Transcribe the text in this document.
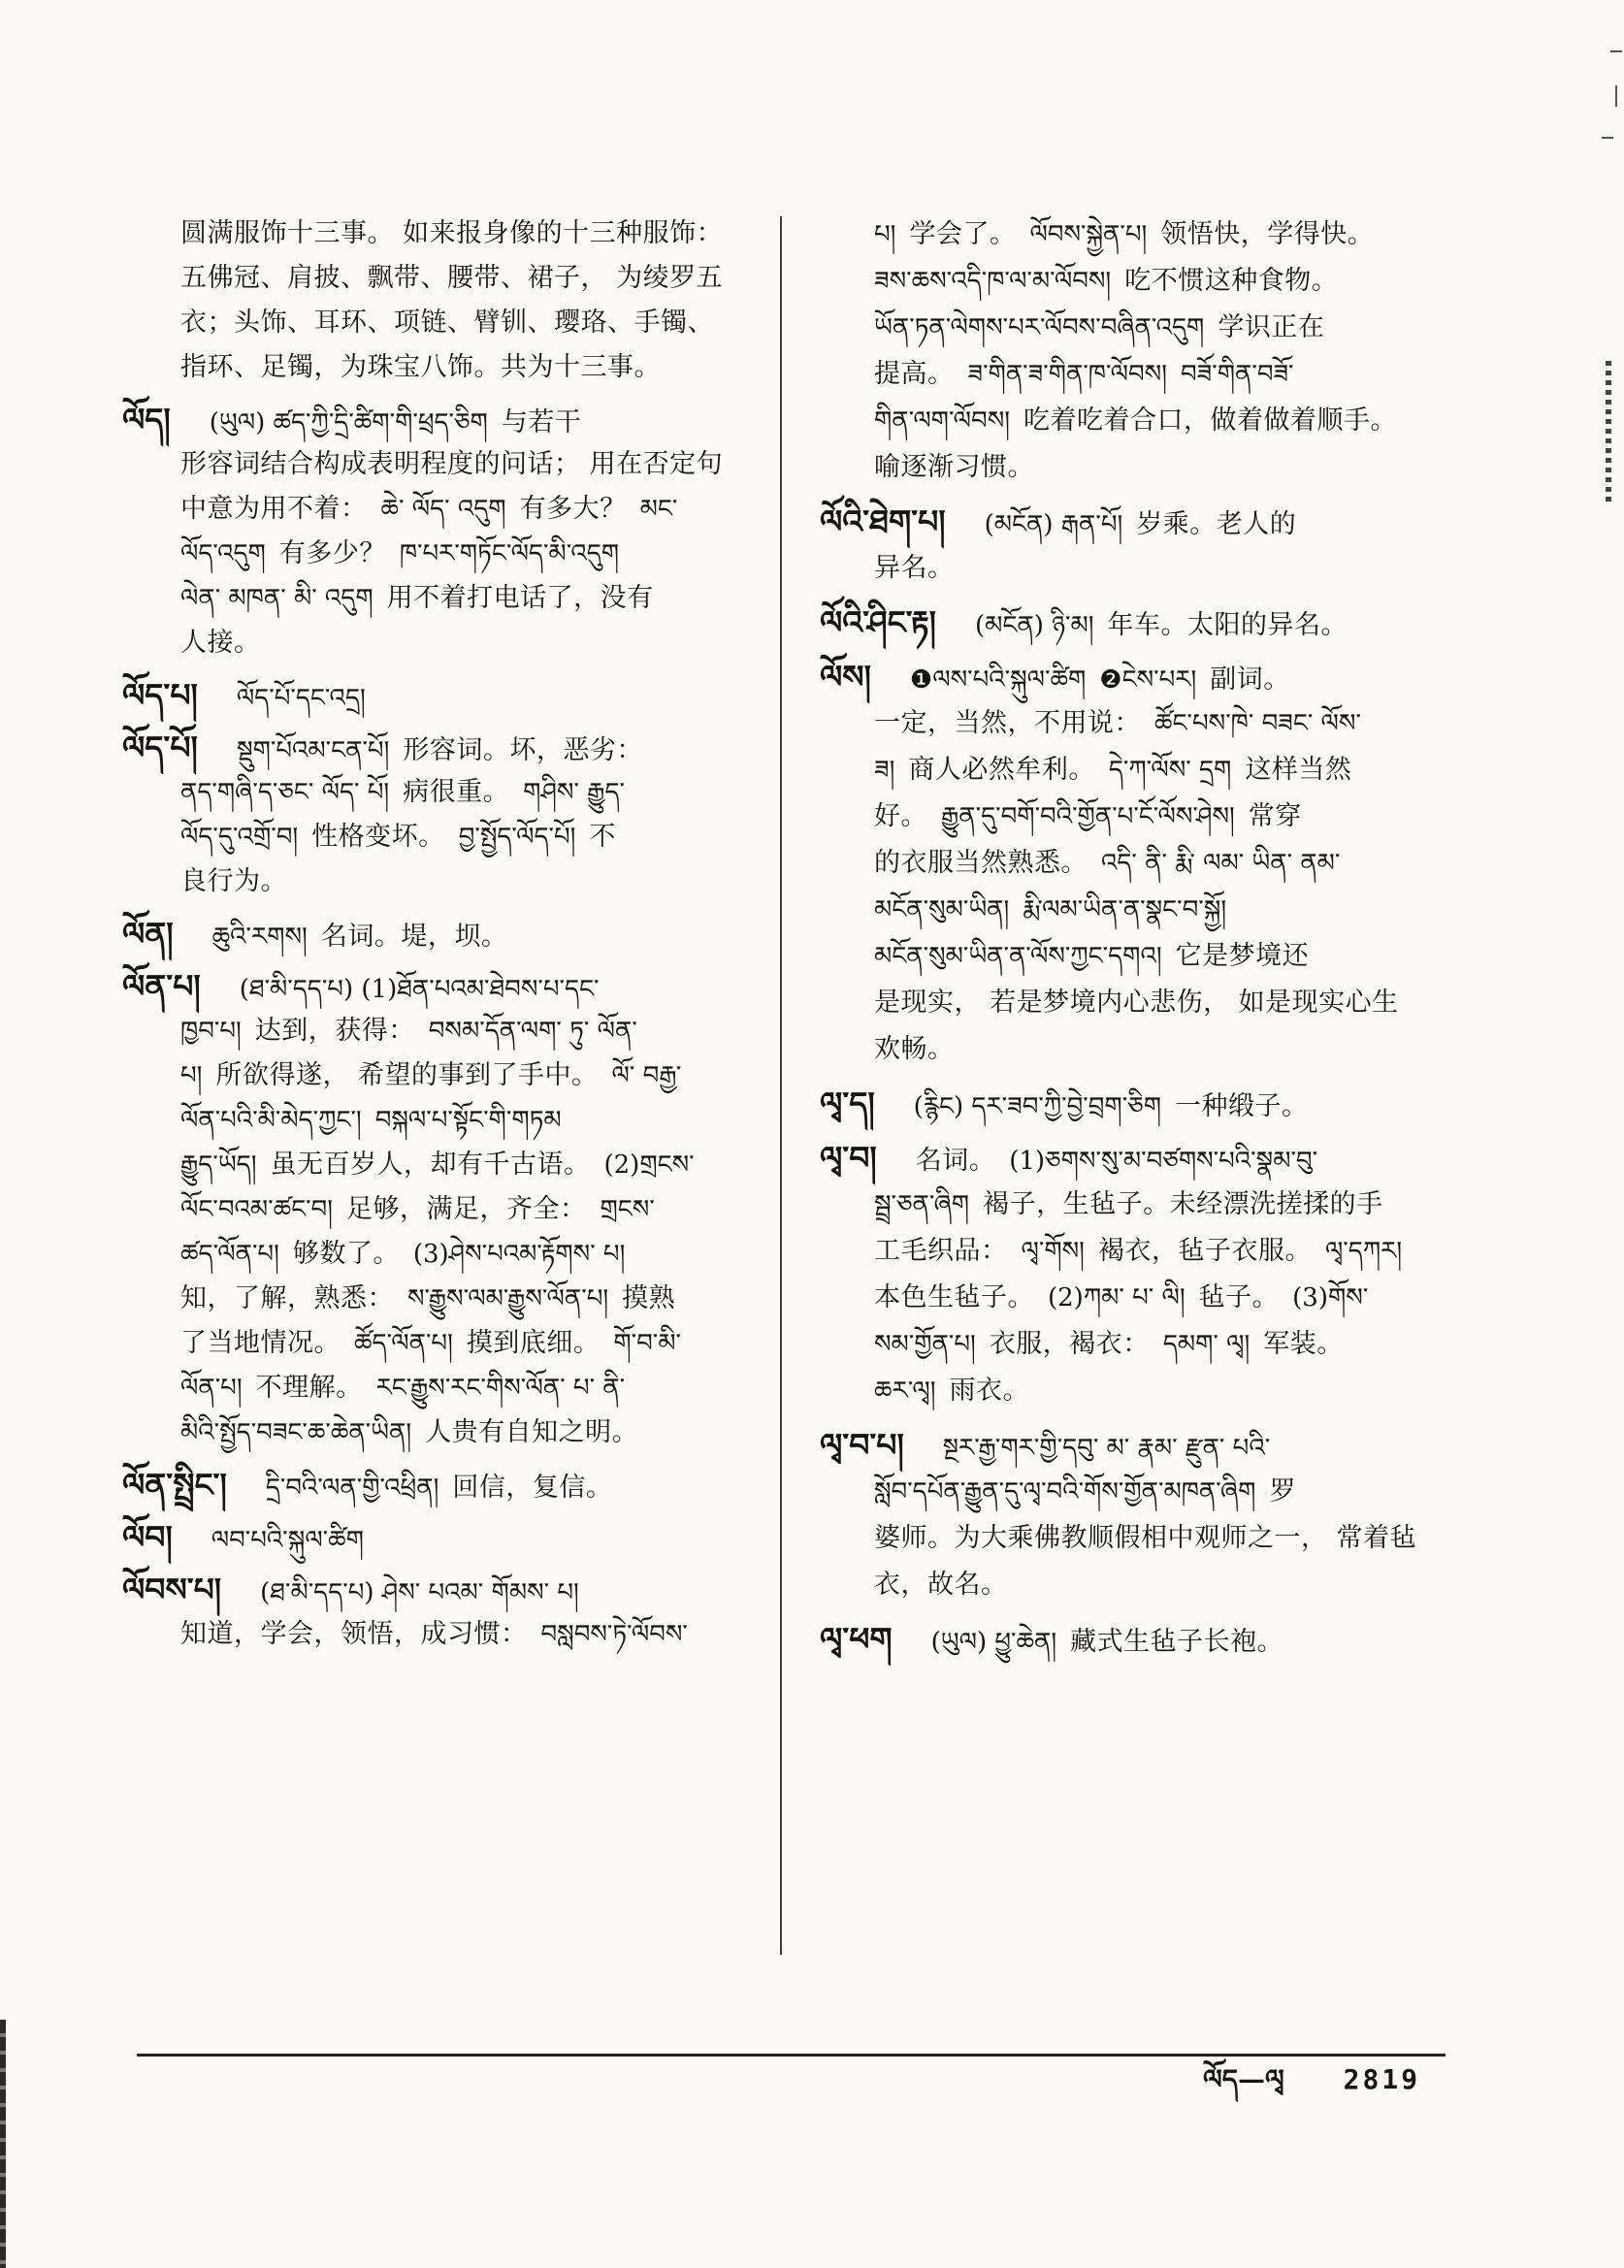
圆满服饰十三事。 如来报身像的十三种服饰：
五佛冠、肩披、飘带、腰带、裙子， 为绫罗五
衣；头饰、耳环、项链、臂钏、璎珞、手镯、
指环、足镯，为珠宝八饰。共为十三事。
ལོད། (ཡུལ) ཚད་ཀྱི་དྲི་ཚིག་གི་ཕྲད་ཅིག 与若干
形容词结合构成表明程度的问话； 用在否定句
中意为用不着： ཆེ་ ལོད་ འདུག 有多大？ མང་
ལོད་འདུག 有多少？ ཁ་པར་གཏོང་ལོད་མི་འདུག
ལེན་ མཁན་ མི་ འདུག 用不着打电话了，没有
人接。
ལོད་པ། ལོད་པོ་དང་འདྲ།
ལོད་པོ། སྡུག་པོའམ་ངན་པོ། 形容词。坏，恶劣：
ནད་གཞི་ད་ཅང་ ལོད་ པོ། 病很重。 གཤིས་ རྒྱུད་
ལོད་དུ་འགྲོ་བ། 性格变坏。 བྱ་སྤྱོད་ལོད་པོ། 不
良行为。
ལོན། ཆུའི་རགས། 名词。堤，坝。
ལོན་པ། (ཐ་མི་དད་པ) (1)ཐོན་པའམ་ཐེབས་པ་དང་
ཁྱབ་པ། 达到，获得： བསམ་དོན་ལག་ ཏུ་ ལོན་
པ། 所欲得遂， 希望的事到了手中。 ལོ་ བརྒྱ་
ལོན་པའི་མི་མེད་ཀྱང་། བསྐལ་པ་སྟོང་གི་གཏམ
རྒྱུད་ཡོད། 虽无百岁人，却有千古语。 (2)གྲངས་
ལོང་བའམ་ཚང་བ། 足够，满足，齐全： གྲངས་
ཚད་ལོན་པ། 够数了。 (3)ཤེས་པའམ་རྟོགས་ པ།
知，了解，熟悉： ས་རྒྱུས་ལམ་རྒྱུས་ལོན་པ། 摸熟
了当地情况。 ཚོད་ལོན་པ། 摸到底细。 གོ་བ་མི་
ལོན་པ། 不理解。 རང་རྒྱུས་རང་གིས་ལོན་ པ་ ནི་
མིའི་སྤྱོད་བཟང་ཆ་ཆེན་ཡིན། 人贵有自知之明。
ལོན་སྤྲིང་། དྲི་བའི་ལན་གྱི་འཕྲིན། 回信，复信。
ལོབ། ལབ་པའི་སྐུལ་ཚིག
ལོབས་པ། (ཐ་མི་དད་པ) ཤེས་ པའམ་ གོམས་ པ།
知道，学会，领悟，成习惯： བསླབས་ཏེ་ལོབས་
པ། 学会了。 ལོབས་སྐྱེན་པ། 领悟快，学得快。
ཟས་ཆས་འདི་ཁ་ལ་མ་ལོབས། 吃不惯这种食物。
ཡོན་ཏན་ལེགས་པར་ལོབས་བཞིན་འདུག 学识正在
提高。 ཟ་གིན་ཟ་གིན་ཁ་ལོབས། བཟོ་གིན་བཟོ་
གིན་ལག་ལོབས། 吃着吃着合口，做着做着顺手。
喻逐渐习惯。
ལོའི་ཐེག་པ། (མངོན) རྒན་པོ། 岁乘。老人的
异名。
ལོའི་ཤིང་རྟ། (མངོན) ཉི་མ། 年车。太阳的异名。
ལོས། ❶ལས་པའི་སྐུལ་ཚིག ❷ངེས་པར། 副词。
一定，当然，不用说： ཚོང་པས་ཁེ་ བཟང་ ལོས་
ཟ། 商人必然牟利。 དེ་ཀ་ལོས་ དྲག 这样当然
好。 རྒྱུན་དུ་བགོ་བའི་གྱོན་པ་ངོ་ལོས་ཤེས། 常穿
的衣服当然熟悉。 འདི་ ནི་ རྨི་ ལམ་ ཡིན་ ནམ་
མངོན་སུམ་ཡིན། རྨི་ལམ་ཡིན་ན་སྣང་བ་སྐྱོ།
མངོན་སུམ་ཡིན་ན་ལོས་ཀྱང་དགའ། 它是梦境还
是现实， 若是梦境内心悲伤， 如是现实心生
欢畅。
ལྭ་ད། (རྙིང) དར་ཟབ་ཀྱི་བྱེ་བྲག་ཅིག 一种缎子。
ལྭ་བ། 名词。 (1)ཅགས་སུ་མ་བཙགས་པའི་སྣམ་བུ་
སྦྲ་ཅན་ཞིག 褐子，生毡子。未经漂洗搓揉的手
工毛织品： ལྭ་གོས། 褐衣，毡子衣服。 ལྭ་དཀར།
本色生毡子。 (2)ཀམ་ པ་ ལི། 毡子。 (3)གོས་
སམ་གྱོན་པ། 衣服，褐衣： དམག་ ལྭ། 军装。
ཆར་ལྭ། 雨衣。
ལྭ་བ་པ། སྔར་རྒྱ་གར་གྱི་དབུ་ མ་ རྣམ་ རྫུན་ པའི་
སློབ་དཔོན་རྒྱུན་དུ་ལྭ་བའི་གོས་གྱོན་མཁན་ཞིག 罗
婆师。为大乘佛教顺假相中观师之一， 常着毡
衣，故名。
ལྭ་ཕག (ཡུལ) ཕྱུ་ཆེན། 藏式生毡子长袍。
ལོད—ལྭ 2819
